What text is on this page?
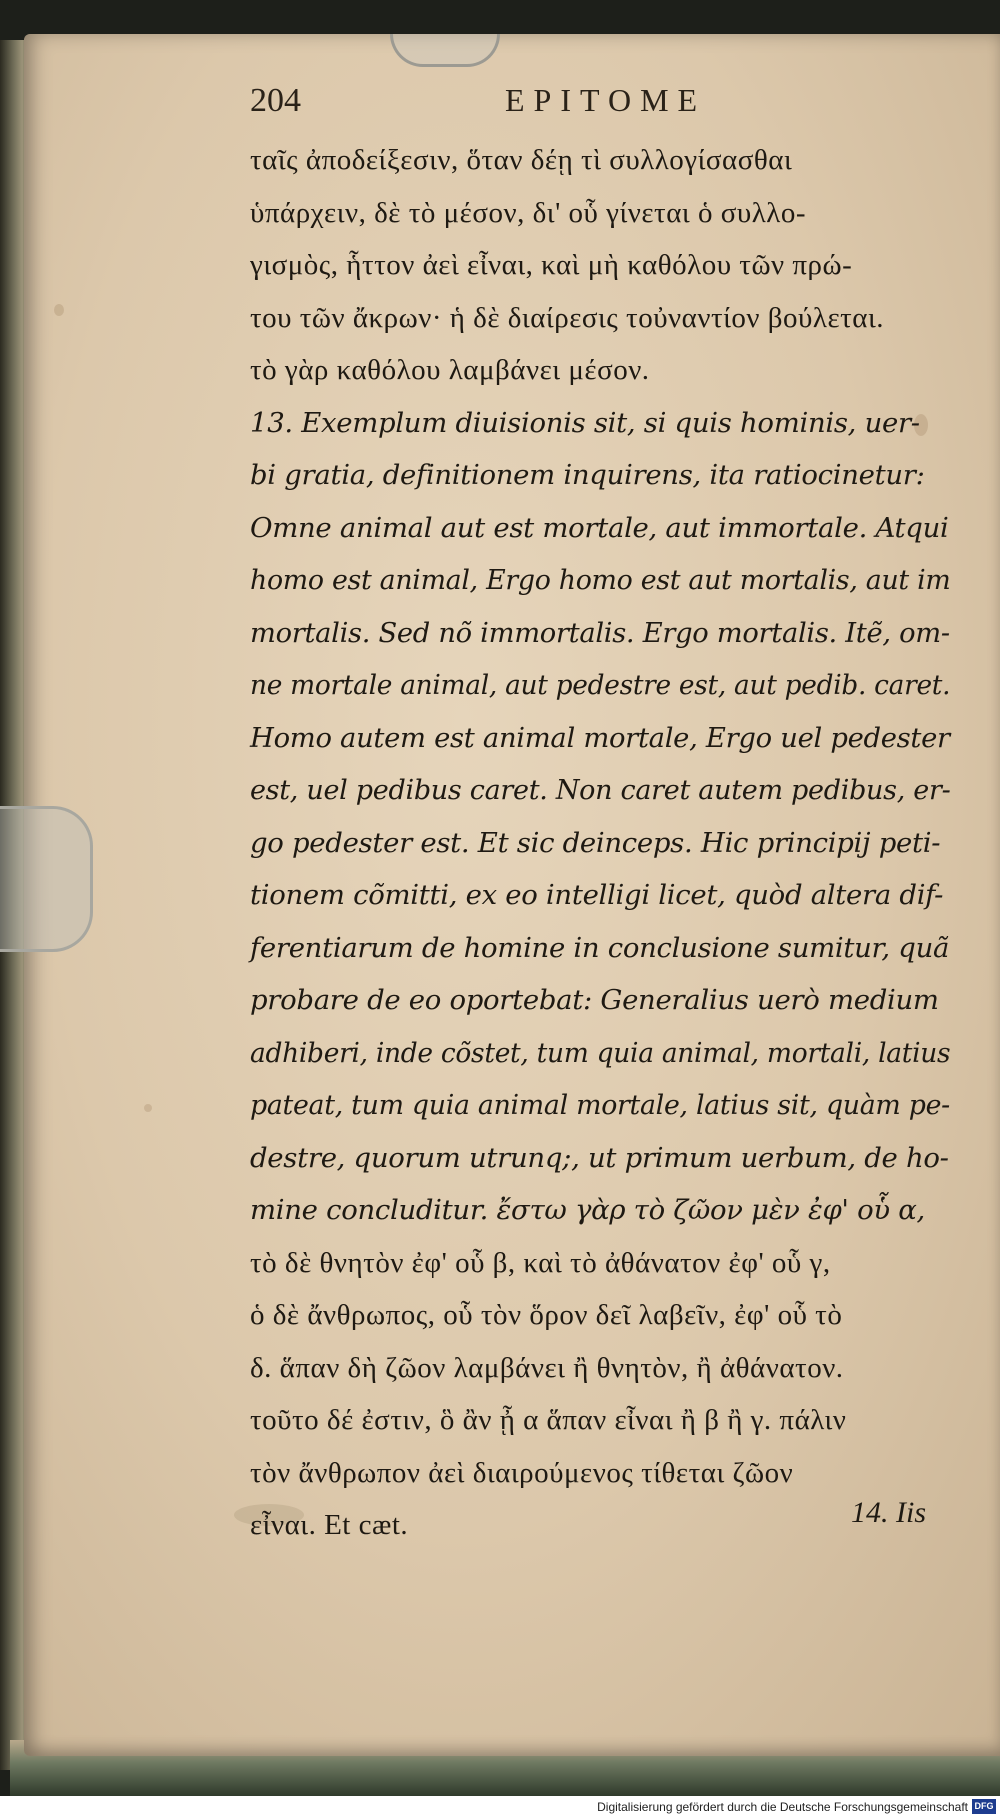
204	EPITOME
ταῖς ἀποδείξεσιν, ὅταν δέῃ τὶ συλλογίσασθαι
ὑπάρχειν, δὲ τὸ μέσον, δι' οὗ γίνεται ὁ συλλο-
γισμὸς, ἧττον ἀεὶ εἶναι, καὶ μὴ καθόλου τῶν πρώ-
του τῶν ἄκρων· ἡ δὲ διαίρεσις τοὐναντίον βούλεται.
τὸ γὰρ καθόλου λαμβάνει μέσον.
13. Exemplum diuisionis sit, si quis hominis, uer-
bi gratia, definitionem inquirens, ita ratiocinetur:
Omne animal aut est mortale, aut immortale. Atqui
homo est animal, Ergo homo est aut mortalis, aut im
mortalis. Sed nõ immortalis. Ergo mortalis. Itẽ, om-
ne mortale animal, aut pedestre est, aut pedib. caret.
Homo autem est animal mortale, Ergo uel pedester
est, uel pedibus caret. Non caret autem pedibus, er-
go pedester est. Et sic deinceps. Hic principij peti-
tionem cõmitti, ex eo intelligi licet, quòd altera dif-
ferentiarum de homine in conclusione sumitur, quã
probare de eo oportebat: Generalius uerò medium
adhiberi, inde cõstet, tum quia animal, mortali, latius
pateat, tum quia animal mortale, latius sit, quàm pe-
destre, quorum utrunq;, ut primum uerbum, de ho-
mine concluditur. ἔστω γὰρ τὸ ζῶον μὲν ἐφ' οὗ α,
τὸ δὲ θνητὸν ἐφ' οὗ β, καὶ τὸ ἀθάνατον ἐφ' οὗ γ,
ὁ δὲ ἄνθρωπος, οὗ τὸν ὅρον δεῖ λαβεῖν, ἐφ' οὗ τὸ
δ. ἅπαν δὴ ζῶον λαμβάνει ἢ θνητὸν, ἢ ἀθάνατον.
τοῦτο δέ ἐστιν, ὃ ἂν ᾖ α ἅπαν εἶναι ἢ β ἢ γ. πάλιν
τὸν ἄνθρωπον ἀεὶ διαιρούμενος τίθεται ζῶον
εἶναι. Et cæt.	14. Iis
Digitalisierung gefördert durch die Deutsche Forschungsgemeinschaft DFG
